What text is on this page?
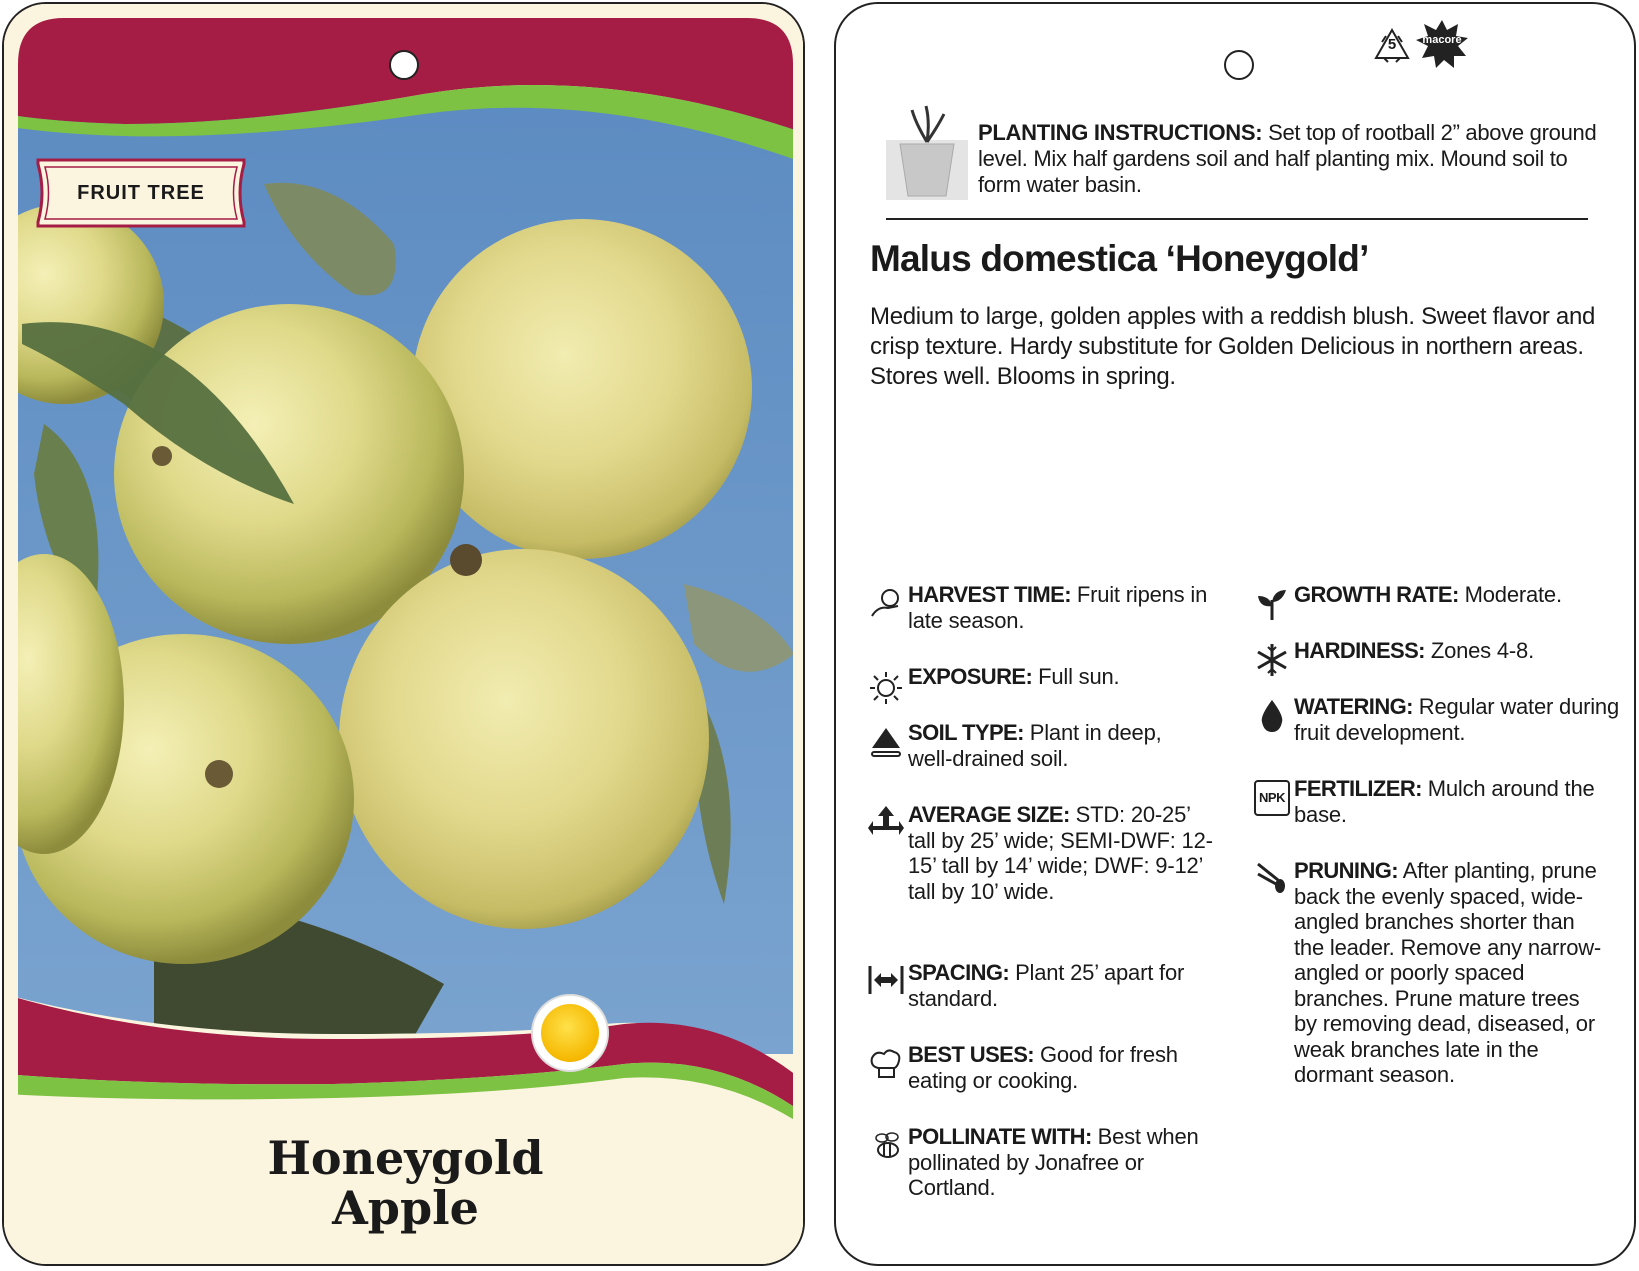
FRUIT TREE
Honeygold
Apple
5	macore
PLANTING INSTRUCTIONS: Set top of rootball 2” above ground level. Mix half gardens soil and half planting mix. Mound soil to form water basin.
Malus domestica ‘Honeygold’
Medium to large, golden apples with a reddish blush. Sweet flavor and crisp texture. Hardy substitute for Golden Delicious in northern areas. Stores well. Blooms in spring.
HARVEST TIME: Fruit ripens in late season.
EXPOSURE: Full sun.
SOIL TYPE: Plant in deep, well-drained soil.
AVERAGE SIZE: STD: 20-25’ tall by 25’ wide; SEMI-DWF: 12-15’ tall by 14’ wide; DWF: 9-12’ tall by 10’ wide.
SPACING: Plant 25’ apart for standard.
BEST USES: Good for fresh eating or cooking.
POLLINATE WITH: Best when pollinated by Jonafree or Cortland.
GROWTH RATE: Moderate.
HARDINESS: Zones 4-8.
WATERING: Regular water during fruit development.
NPK FERTILIZER: Mulch around the base.
PRUNING: After planting, prune back the evenly spaced, wide-angled branches shorter than the leader. Remove any narrow-angled or poorly spaced branches. Prune mature trees by removing dead, diseased, or weak branches late in the dormant season.
